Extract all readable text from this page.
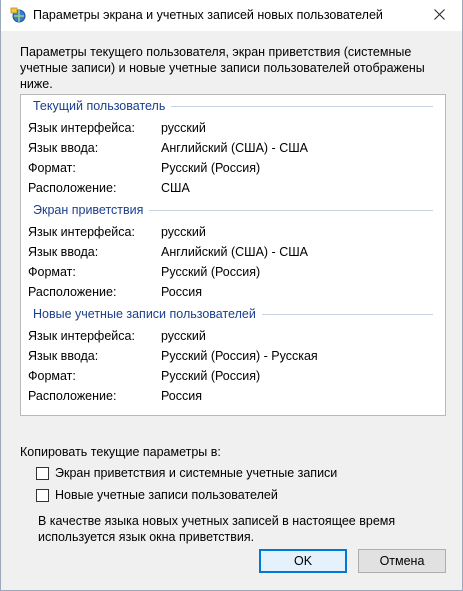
Параметры экрана и учетных записей новых пользователей
Параметры текущего пользователя, экран приветствия (системные учетные записи) и новые учетные записи пользователей отображены ниже.
Текущий пользователь
Язык интерфейса: русский
Язык ввода:	Английский (США) - США
Формат:	Русский (Россия)
Расположение:	США
Экран приветствия
Язык интерфейса: русский
Язык ввода:	Английский (США) - США
Формат:	Русский (Россия)
Расположение:	Россия
Новые учетные записи пользователей
Язык интерфейса: русский
Язык ввода:	Русский (Россия) - Русская
Формат:	Русский (Россия)
Расположение:	Россия
Копировать текущие параметры в:
Экран приветствия и системные учетные записи
Новые учетные записи пользователей
В качестве языка новых учетных записей в настоящее время используется язык окна приветствия.
OK	Отмена
